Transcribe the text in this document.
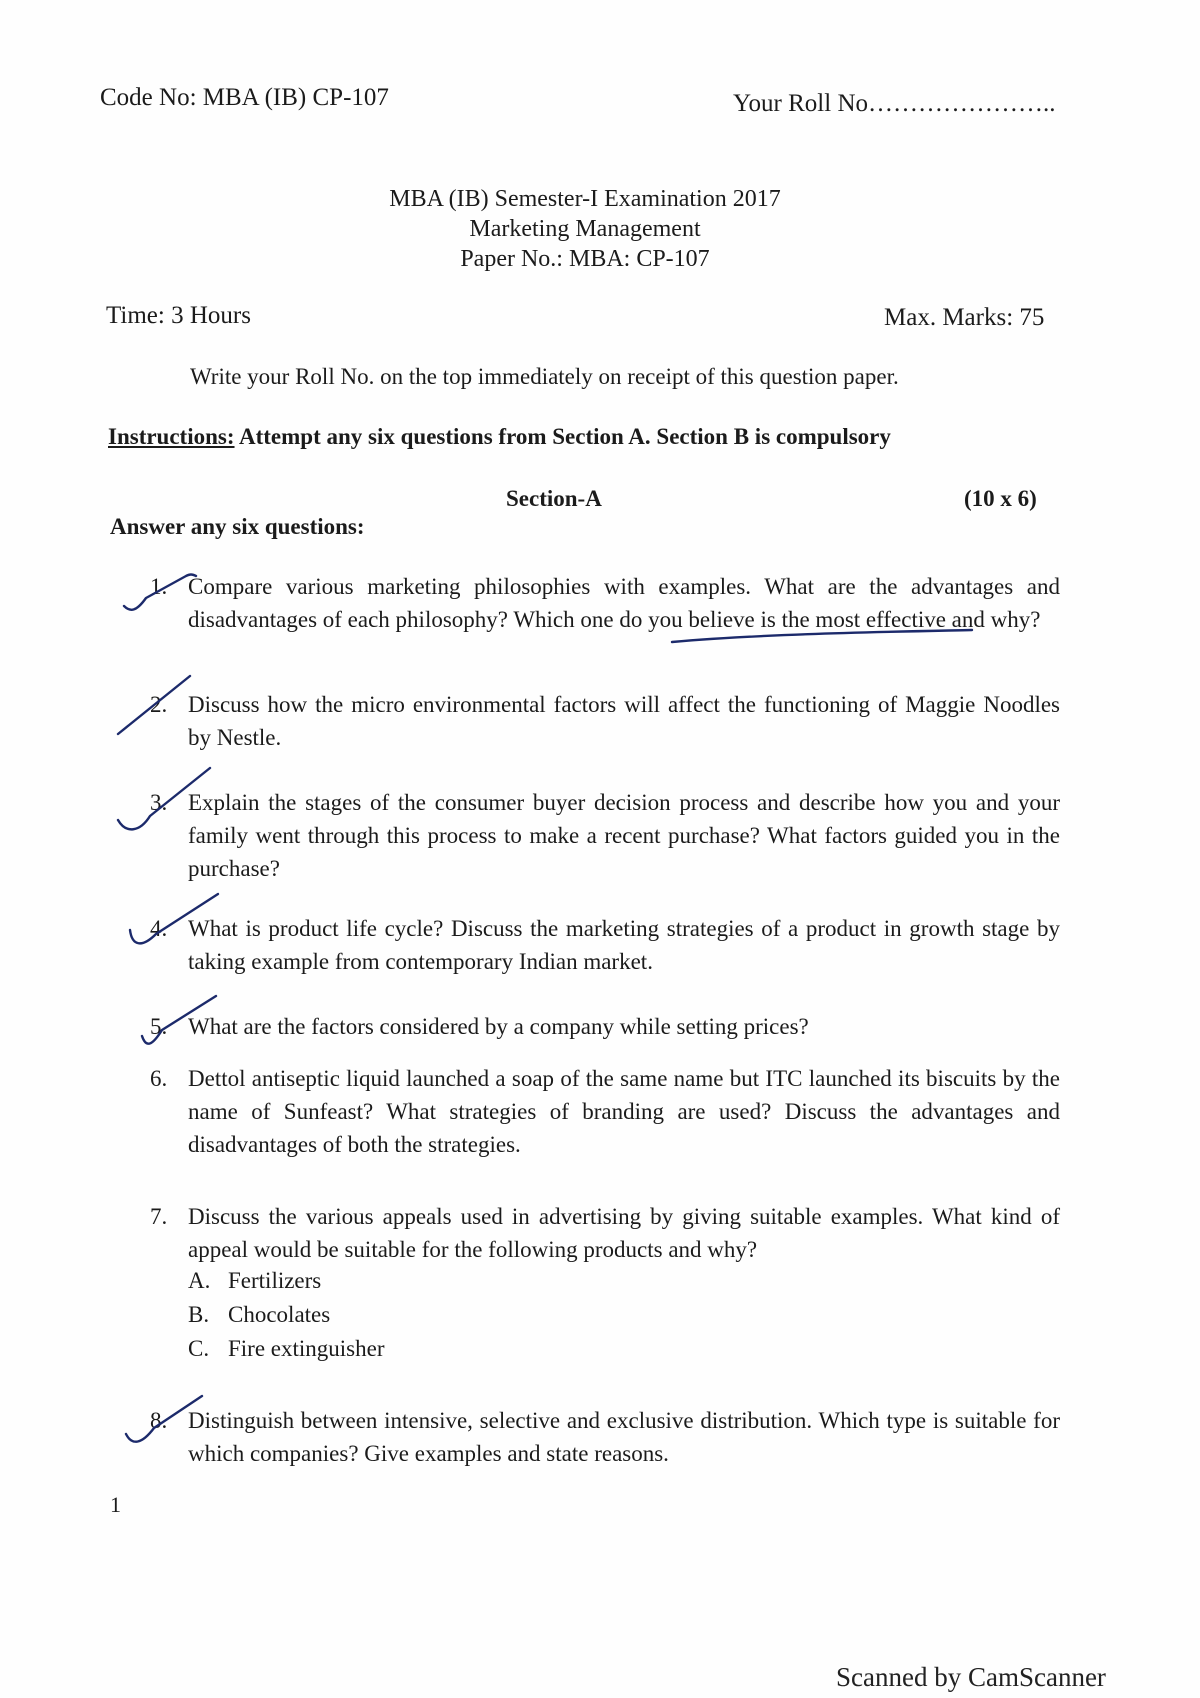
Code No: MBA (IB) CP-107	Your Roll No…………………..
MBA (IB) Semester-I Examination 2017
Marketing Management
Paper No.: MBA: CP-107
Time: 3 Hours	Max. Marks: 75
Write your Roll No. on the top immediately on receipt of this question paper.
Instructions: Attempt any six questions from Section A. Section B is compulsory
Section-A	(10 x 6)
Answer any six questions:
1. Compare various marketing philosophies with examples. What are the advantages and disadvantages of each philosophy? Which one do you believe is the most effective and why?
2. Discuss how the micro environmental factors will affect the functioning of Maggie Noodles by Nestle.
3. Explain the stages of the consumer buyer decision process and describe how you and your family went through this process to make a recent purchase? What factors guided you in the purchase?
4. What is product life cycle? Discuss the marketing strategies of a product in growth stage by taking example from contemporary Indian market.
5. What are the factors considered by a company while setting prices?
6. Dettol antiseptic liquid launched a soap of the same name but ITC launched its biscuits by the name of Sunfeast? What strategies of branding are used? Discuss the advantages and disadvantages of both the strategies.
7. Discuss the various appeals used in advertising by giving suitable examples. What kind of appeal would be suitable for the following products and why?
A. Fertilizers
B. Chocolates
C. Fire extinguisher
8. Distinguish between intensive, selective and exclusive distribution. Which type is suitable for which companies? Give examples and state reasons.
1
Scanned by CamScanner
